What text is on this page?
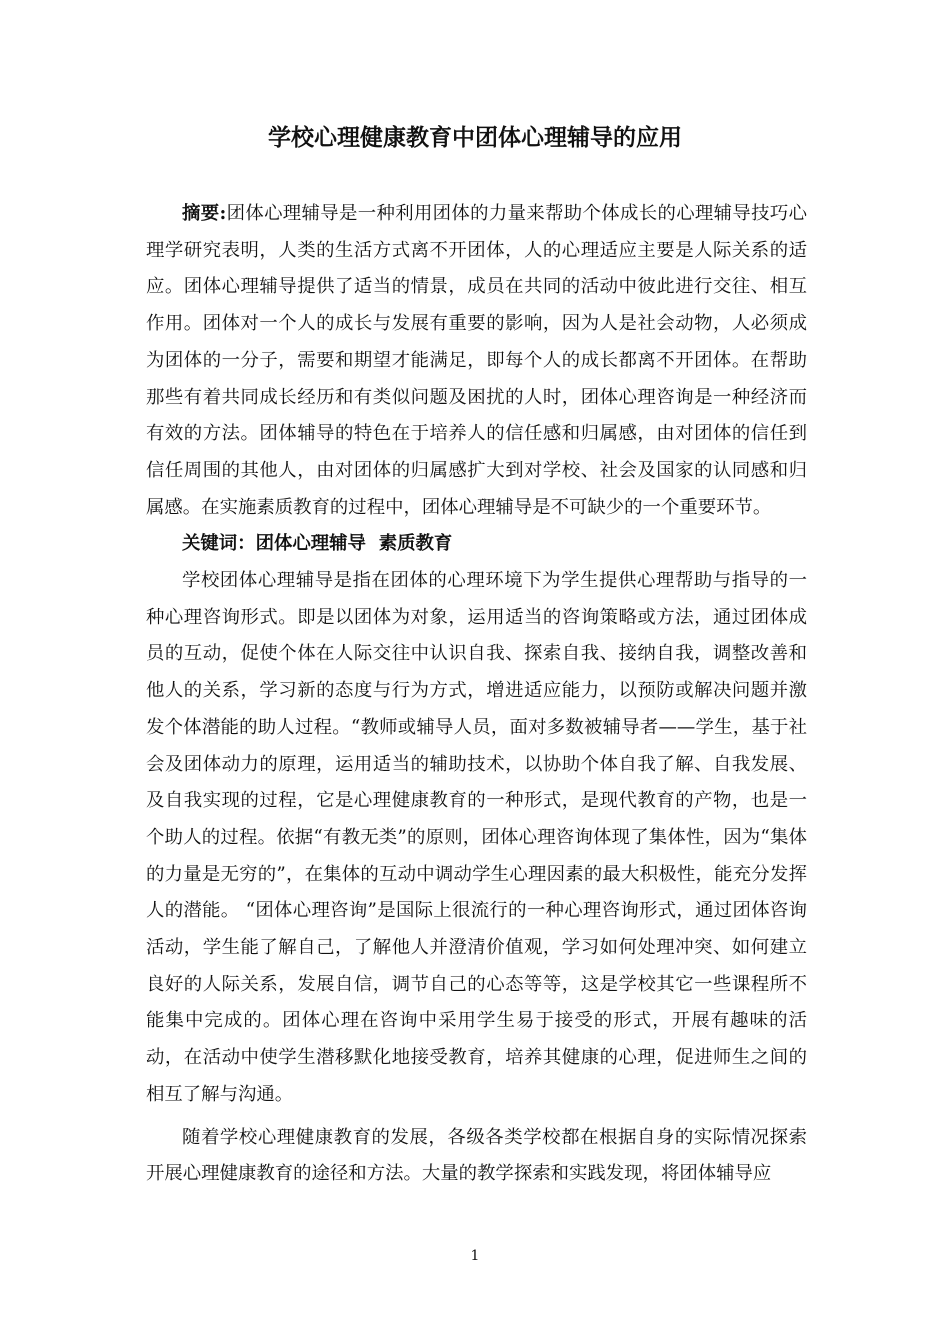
学校心理健康教育中团体心理辅导的应用

摘要:团体心理辅导是一种利用团体的力量来帮助个体成长的心理辅导技巧心理学研究表明，人类的生活方式离不开团体，人的心理适应主要是人际关系的适应。团体心理辅导提供了适当的情景，成员在共同的活动中彼此进行交往、相互作用。团体对一个人的成长与发展有重要的影响，因为人是社会动物，人必须成为团体的一分子，需要和期望才能满足，即每个人的成长都离不开团体。在帮助那些有着共同成长经历和有类似问题及困扰的人时，团体心理咨询是一种经济而有效的方法。团体辅导的特色在于培养人的信任感和归属感，由对团体的信任到信任周围的其他人，由对团体的归属感扩大到对学校、社会及国家的认同感和归属感。在实施素质教育的过程中，团体心理辅导是不可缺少的一个重要环节。

关键词：团体心理辅导  素质教育

学校团体心理辅导是指在团体的心理环境下为学生提供心理帮助与指导的一种心理咨询形式。即是以团体为对象，运用适当的咨询策略或方法，通过团体成员的互动，促使个体在人际交往中认识自我、探索自我、接纳自我，调整改善和他人的关系，学习新的态度与行为方式，增进适应能力，以预防或解决问题并激发个体潜能的助人过程。“教师或辅导人员，面对多数被辅导者——学生，基于社会及团体动力的原理，运用适当的辅助技术，以协助个体自我了解、自我发展、及自我实现的过程，它是心理健康教育的一种形式，是现代教育的产物，也是一个助人的过程。依据“有教无类”的原则，团体心理咨询体现了集体性，因为“集体的力量是无穷的”，在集体的互动中调动学生心理因素的最大积极性，能充分发挥人的潜能。 “团体心理咨询”是国际上很流行的一种心理咨询形式，通过团体咨询活动，学生能了解自己，了解他人并澄清价值观，学习如何处理冲突、如何建立良好的人际关系，发展自信，调节自己的心态等等，这是学校其它一些课程所不能集中完成的。团体心理在咨询中采用学生易于接受的形式，开展有趣味的活动，在活动中使学生潜移默化地接受教育，培养其健康的心理，促进师生之间的相互了解与沟通。

随着学校心理健康教育的发展，各级各类学校都在根据自身的实际情况探索开展心理健康教育的途径和方法。大量的教学探索和实践发现，将团体辅导应

1
